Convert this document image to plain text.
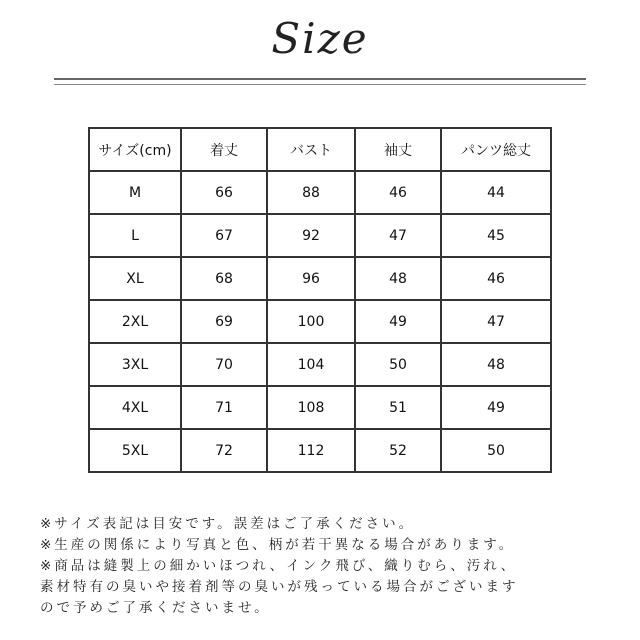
Size
サイズ(cm)	着丈	バスト	袖丈	パンツ総丈
M	66	88	46	44
L	67	92	47	45
XL	68	96	48	46
2XL	69	100	49	47
3XL	70	104	50	48
4XL	71	108	51	49
5XL	72	112	52	50
※サイズ表記は目安です。誤差はご了承ください。
※生産の関係により写真と色、柄が若干異なる場合があります。
※商品は縫製上の細かいほつれ、インク飛び、織りむら、汚れ、
素材特有の臭いや接着剤等の臭いが残っている場合がございます
ので予めご了承くださいませ。
